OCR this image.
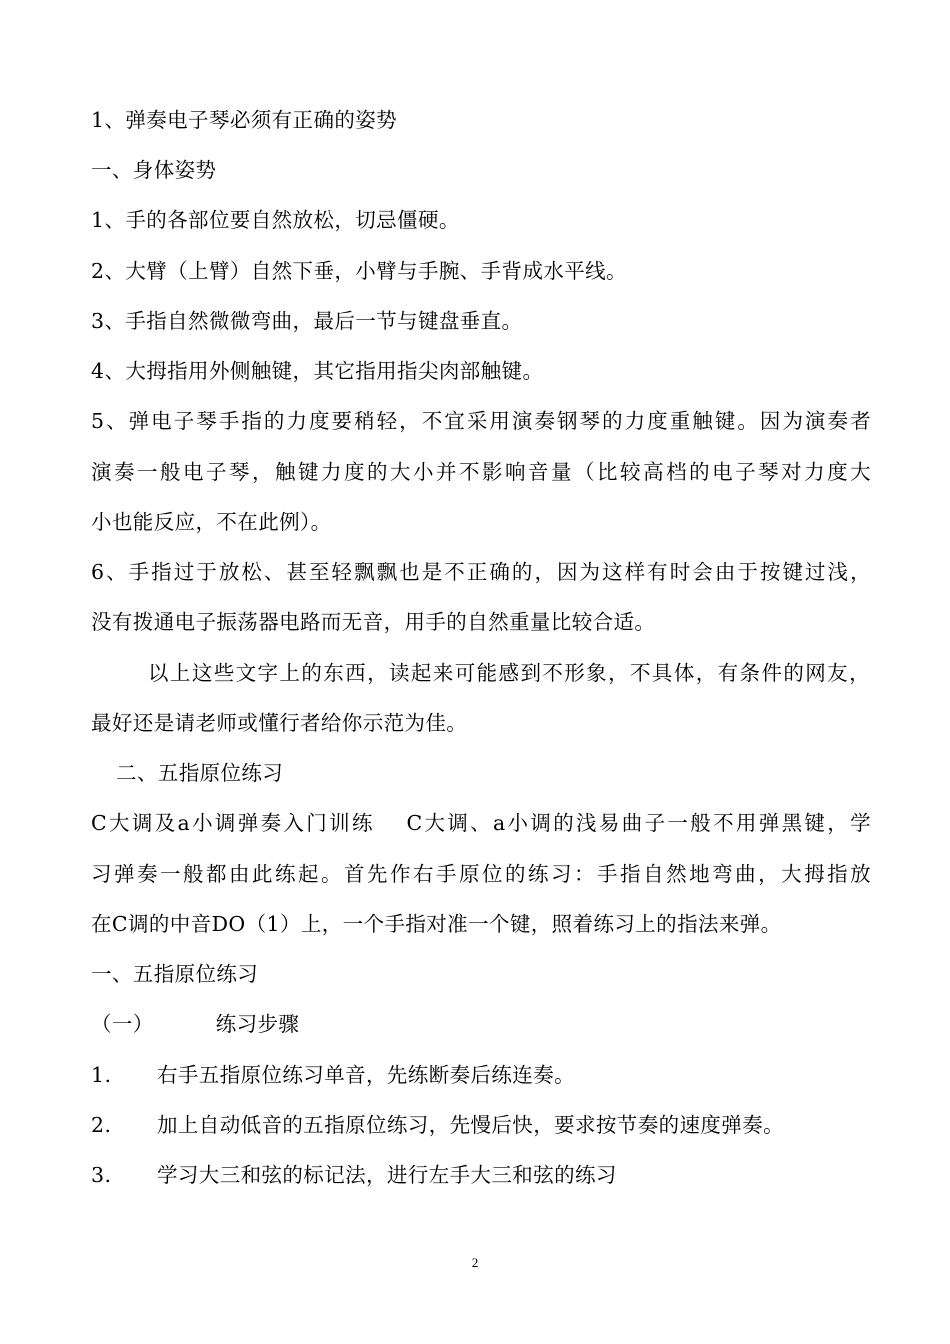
1、弹奏电子琴必须有正确的姿势
一、身体姿势
1、手的各部位要自然放松，切忌僵硬。
2、大臂（上臂）自然下垂，小臂与手腕、手背成水平线。
3、手指自然微微弯曲，最后一节与键盘垂直。
4、大拇指用外侧触键，其它指用指尖肉部触键。
5、弹电子琴手指的力度要稍轻，不宜采用演奏钢琴的力度重触键。因为演奏者
演奏一般电子琴，触键力度的大小并不影响音量（比较高档的电子琴对力度大
小也能反应，不在此例）。
6、手指过于放松、甚至轻飘飘也是不正确的，因为这样有时会由于按键过浅，
没有拨通电子振荡器电路而无音，用手的自然重量比较合适。
以上这些文字上的东西，读起来可能感到不形象，不具体，有条件的网友，
最好还是请老师或懂行者给你示范为佳。
二、五指原位练习
C大调及a小调弹奏入门训练　 C大调、a小调的浅易曲子一般不用弹黑键，学
习弹奏一般都由此练起。首先作右手原位的练习：手指自然地弯曲，大拇指放
在C调的中音DO（1）上，一个手指对准一个键，照着练习上的指法来弹。
一、五指原位练习
（一）	练习步骤
1. 右手五指原位练习单音，先练断奏后练连奏。
2. 加上自动低音的五指原位练习，先慢后快，要求按节奏的速度弹奏。
3. 学习大三和弦的标记法，进行左手大三和弦的练习
2
